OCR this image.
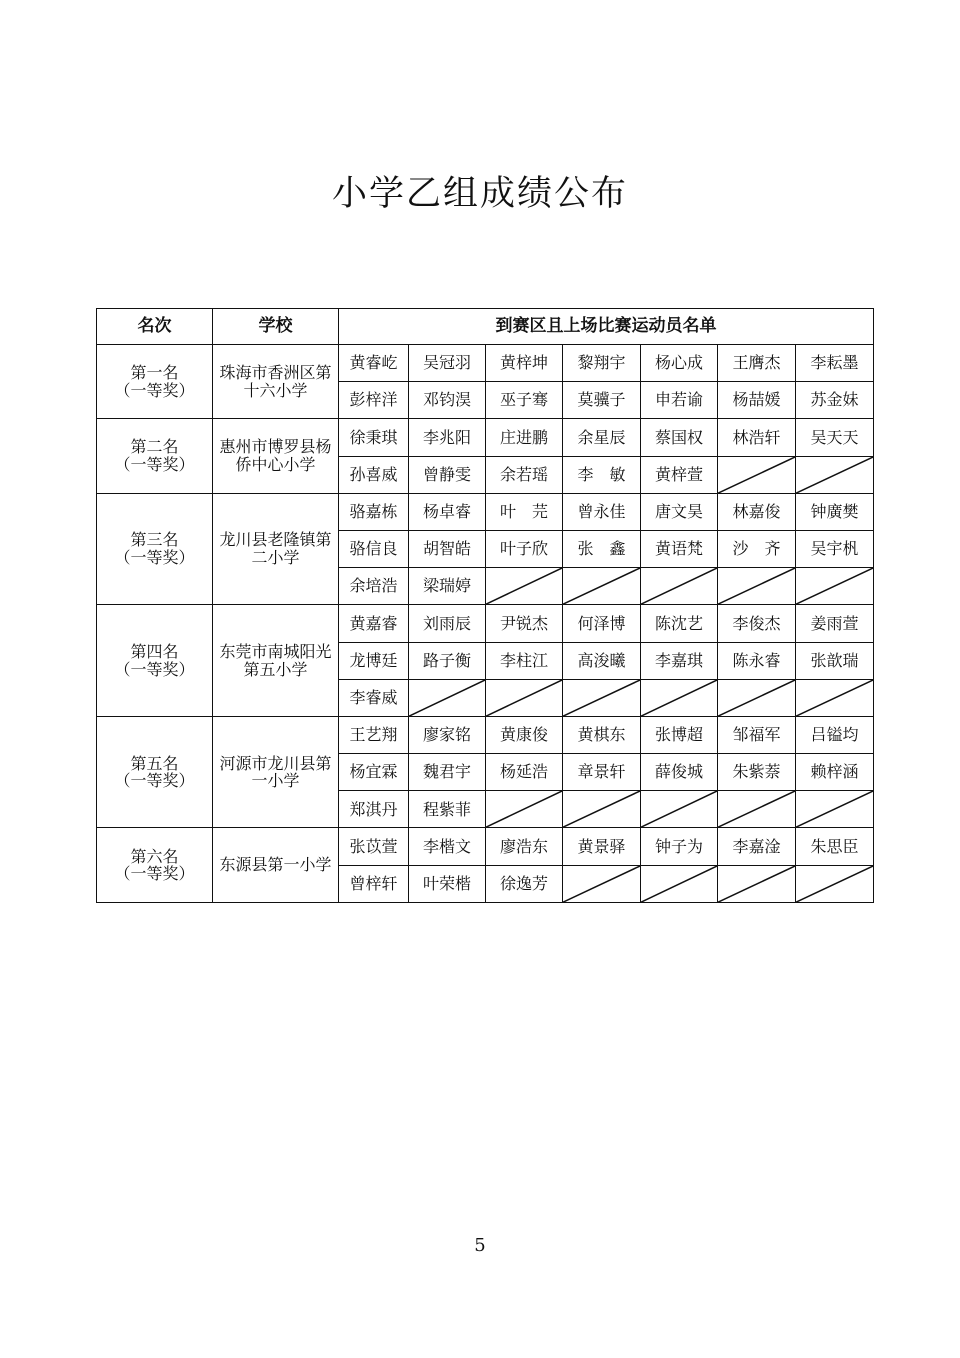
小学乙组成绩公布
名次	学校	到赛区且上场比赛运动员名单						

第一名
（一等奖）	珠海市香洲区第十六小学	黄睿屹	吴冠羽	黄梓坤	黎翔宇	杨心成	王膺杰	李耘墨
		彭梓洋	邓钧淏	巫子骞	莫骥子	申若谕	杨喆媛	苏金妹

第二名
（一等奖）	惠州市博罗县杨侨中心小学	徐秉琪	李兆阳	庄进鹏	余星辰	蔡国权	林浩轩	吴天天
		孙喜威	曾静雯	余若瑶	李　敏	黄梓萱	

第三名
（一等奖）	龙川县老隆镇第二小学	骆嘉栋	杨卓睿	叶　芫	曾永佳	唐文昊	林嘉俊	钟廣樊
		骆信良	胡智皓	叶子欣	张　鑫	黄语梵	沙　齐	吴宇杋
		余培浩	梁瑞婷	

第四名
（一等奖）	东莞市南城阳光第五小学	黄嘉睿	刘雨辰	尹锐杰	何泽博	陈沈艺	李俊杰	姜雨萱
		龙博廷	路子衡	李柱江	高浚曦	李嘉琪	陈永睿	张歆瑞
		李睿威	

第五名
（一等奖）	河源市龙川县第一小学	王艺翔	廖家铭	黄康俊	黄棋东	张博超	邹福军	吕镒均
		杨宜霖	魏君宇	杨延浩	章景轩	薛俊城	朱紫萘	赖梓涵
		郑淇丹	程紫菲	

第六名
（一等奖）	东源县第一小学	张苡萱	李楷文	廖浩东	黄景驿	钟子为	李嘉淦	朱思臣
		曾梓轩	叶荣楷	徐逸芳	

5
